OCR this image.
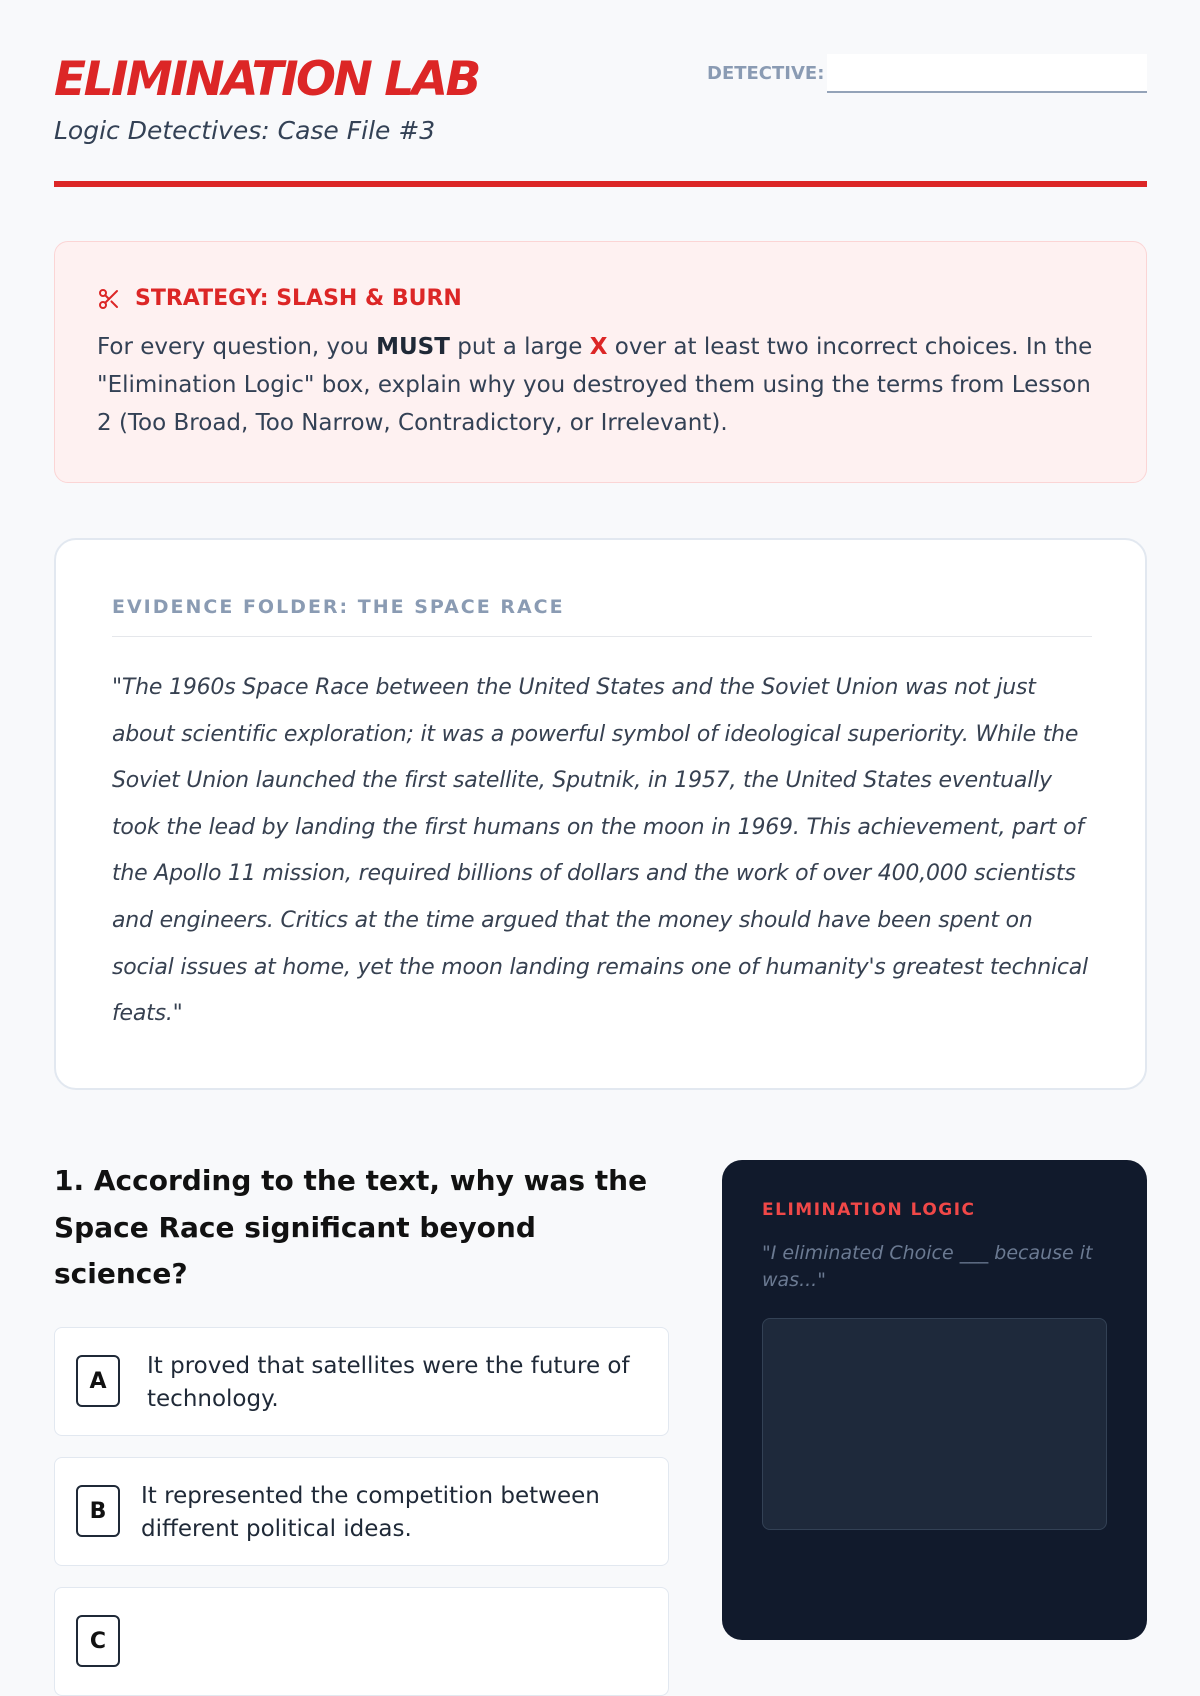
ELIMINATION LAB
Logic Detectives: Case File #3
DETECTIVE:
STRATEGY: SLASH & BURN

For every question, you MUST put a large X over at least two incorrect choices. In the "Elimination Logic" box, explain why you destroyed them using the terms from Lesson 2 (Too Broad, Too Narrow, Contradictory, or Irrelevant).

EVIDENCE FOLDER: THE SPACE RACE

"The 1960s Space Race between the United States and the Soviet Union was not just about scientific exploration; it was a powerful symbol of ideological superiority. While the Soviet Union launched the first satellite, Sputnik, in 1957, the United States eventually took the lead by landing the first humans on the moon in 1969. This achievement, part of the Apollo 11 mission, required billions of dollars and the work of over 400,000 scientists and engineers. Critics at the time argued that the money should have been spent on social issues at home, yet the moon landing remains one of humanity's greatest technical feats."

1. According to the text, why was the Space Race significant beyond science?
A
It proved that satellites were the future of technology.
B
It represented the competition between different political ideas.
C
ELIMINATION LOGIC
"I eliminated Choice ___ because it was..."
